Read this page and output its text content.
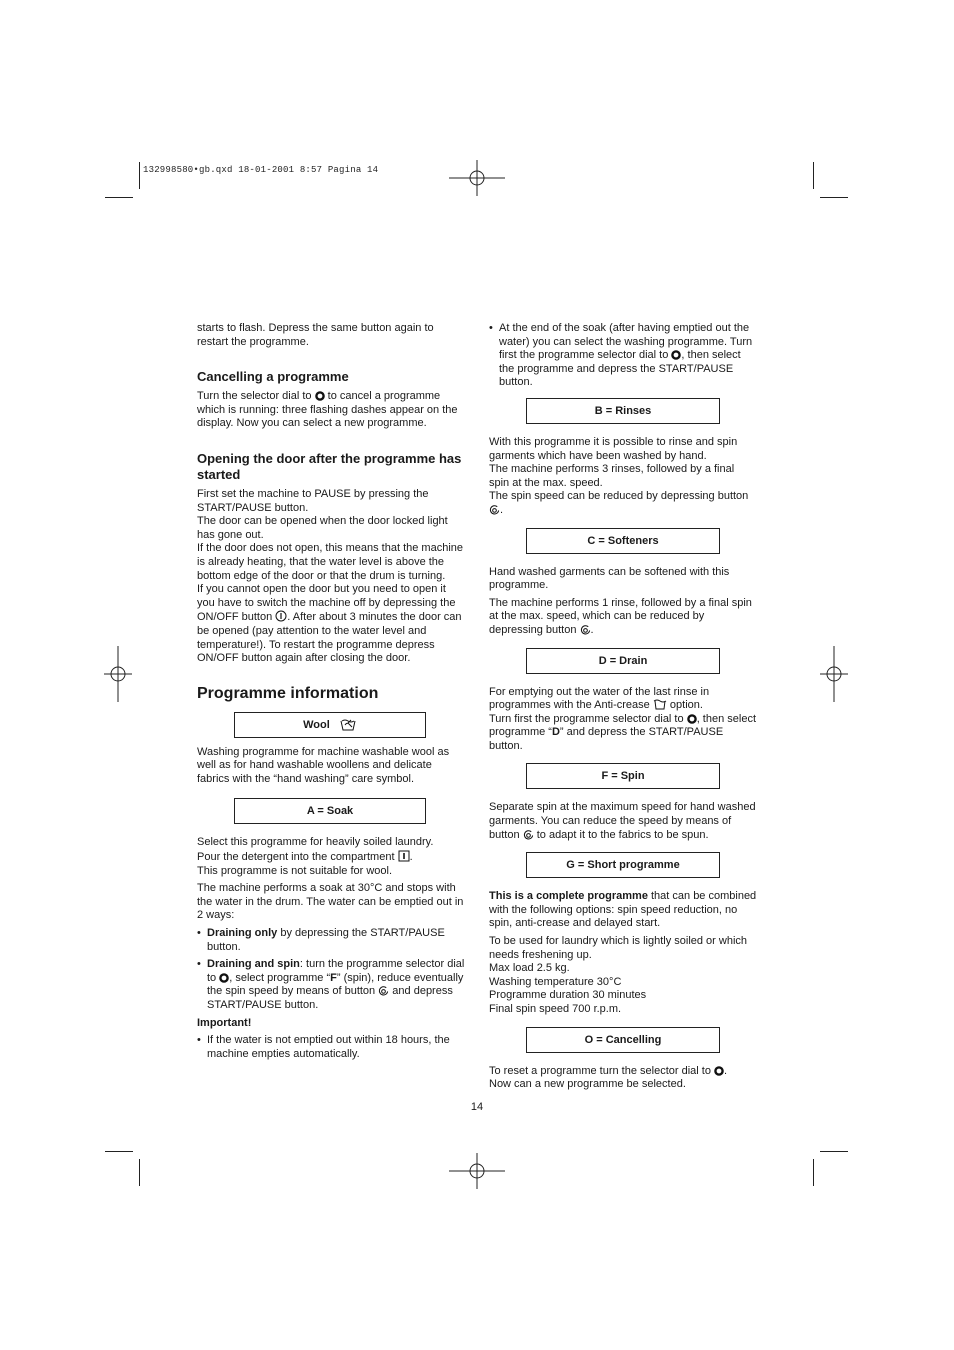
132998580•gb.qxd 18-01-2001 8:57 Pagina 14

starts to flash. Depress the same button again to restart the programme.

Cancelling a programme

Turn the selector dial to to cancel a programme which is running: three flashing dashes appear on the display. Now you can select a new programme.

Opening the door after the programme has started

First set the machine to PAUSE by pressing the START/PAUSE button.

The door can be opened when the door locked light has gone out.

If the door does not open, this means that the machine is already heating, that the water level is above the bottom edge of the door or that the drum is turning.

If you cannot open the door but you need to open it you have to switch the machine off by depressing the ON/OFF button . After about 3 minutes the door can be opened (pay attention to the water level and temperature!). To restart the programme depress ON/OFF button again after closing the door.

Programme information
Wool

Washing programme for machine washable wool as well as for hand washable woollens and delicate fabrics with the “hand washing” care symbol.

A = Soak

Select this programme for heavily soiled laundry.

Pour the detergent into the compartment .

This programme is not suitable for wool.

The machine performs a soak at 30°C and stops with the water in the drum. The water can be emptied out in 2 ways:

• Draining only by depressing the START/PAUSE button.
• Draining and spin: turn the programme selector dial to , select programme “F” (spin), reduce eventually the spin speed by means of button and depress START/PAUSE button.

Important!

• If the water is not emptied out within 18 hours, the machine empties automatically.
• At the end of the soak (after having emptied out the water) you can select the washing programme. Turn first the programme selector dial to , then select the programme and depress the START/PAUSE button.
B = Rinses

With this programme it is possible to rinse and spin garments which have been washed by hand.

The machine performs 3 rinses, followed by a final spin at the max. speed.

The spin speed can be reduced by depressing button .

C = Softeners

Hand washed garments can be softened with this programme.

The machine performs 1 rinse, followed by a final spin at the max. speed, which can be reduced by depressing button .

D = Drain

For emptying out the water of the last rinse in programmes with the Anti-crease option.

Turn first the programme selector dial to , then select programme “D” and depress the START/PAUSE button.

F = Spin

Separate spin at the maximum speed for hand washed garments. You can reduce the speed by means of button to adapt it to the fabrics to be spun.

G = Short programme

This is a complete programme that can be combined with the following options: spin speed reduction, no spin, anti-crease and delayed start.

To be used for laundry which is lightly soiled or which needs freshening up.

Max load 2.5 kg.

Washing temperature 30°C

Programme duration 30 minutes

Final spin speed 700 r.p.m.

O = Cancelling

To reset a programme turn the selector dial to .

Now can a new programme be selected.

14
